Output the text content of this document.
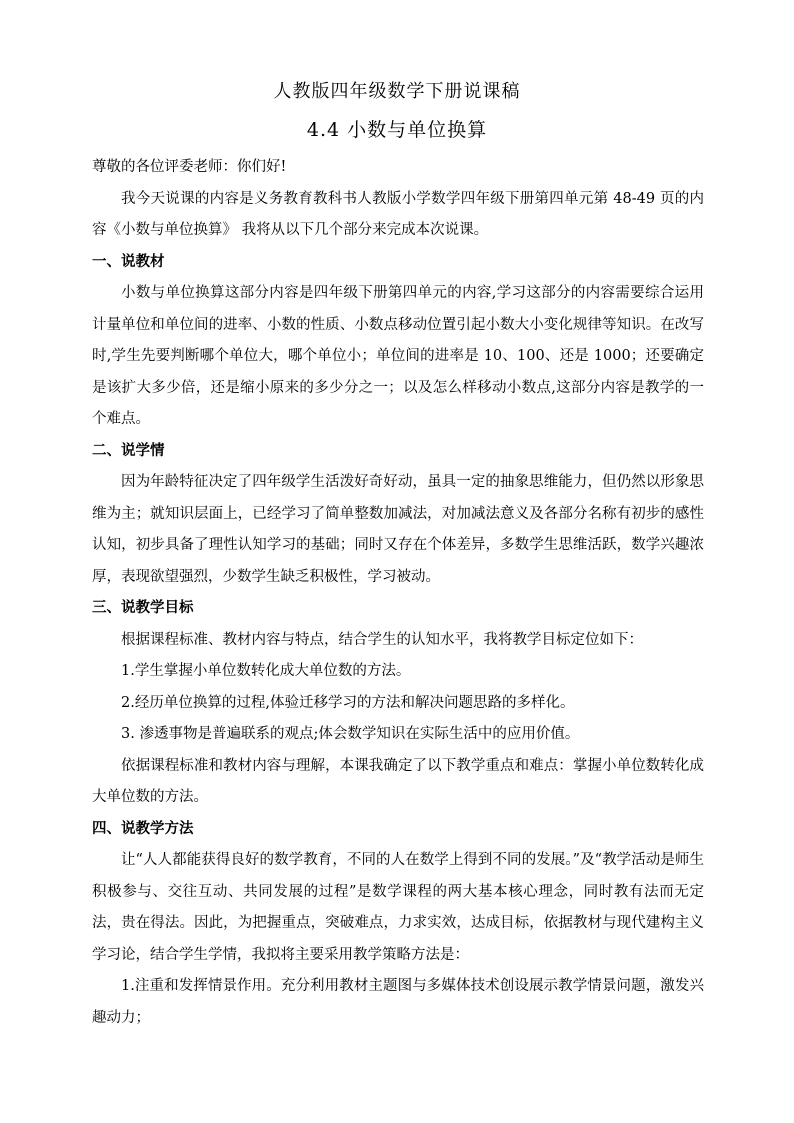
人教版四年级数学下册说课稿
4.4 小数与单位换算

尊敬的各位评委老师：你们好!

我今天说课的内容是义务教育教科书人教版小学数学四年级下册第四单元第 48-49 页的内容《小数与单位换算》 我将从以下几个部分来完成本次说课。

一、说教材

小数与单位换算这部分内容是四年级下册第四单元的内容,学习这部分的内容需要综合运用计量单位和单位间的进率、小数的性质、小数点移动位置引起小数大小变化规律等知识。在改写时,学生先要判断哪个单位大，哪个单位小；单位间的进率是 10、100、还是 1000；还要确定是该扩大多少倍，还是缩小原来的多少分之一；以及怎么样移动小数点,这部分内容是教学的一个难点。

二、说学情

因为年龄特征决定了四年级学生活泼好奇好动，虽具一定的抽象思维能力，但仍然以形象思维为主；就知识层面上，已经学习了简单整数加减法，对加减法意义及各部分名称有初步的感性认知，初步具备了理性认知学习的基础；同时又存在个体差异，多数学生思维活跃，数学兴趣浓厚，表现欲望强烈，少数学生缺乏积极性，学习被动。

三、说教学目标

根据课程标准、教材内容与特点，结合学生的认知水平，我将教学目标定位如下：

1.学生掌握小单位数转化成大单位数的方法。

2.经历单位换算的过程,体验迁移学习的方法和解决问题思路的多样化。

3. 渗透事物是普遍联系的观点;体会数学知识在实际生活中的应用价值。

依据课程标准和教材内容与理解，本课我确定了以下教学重点和难点：掌握小单位数转化成大单位数的方法。

四、说教学方法

让“人人都能获得良好的数学教育，不同的人在数学上得到不同的发展。”及“教学活动是师生积极参与、交往互动、共同发展的过程”是数学课程的两大基本核心理念，同时教有法而无定法，贵在得法。因此，为把握重点，突破难点，力求实效，达成目标，依据教材与现代建构主义学习论，结合学生学情，我拟将主要采用教学策略方法是：

1.注重和发挥情景作用。充分利用教材主题图与多媒体技术创设展示教学情景问题，激发兴趣动力；
